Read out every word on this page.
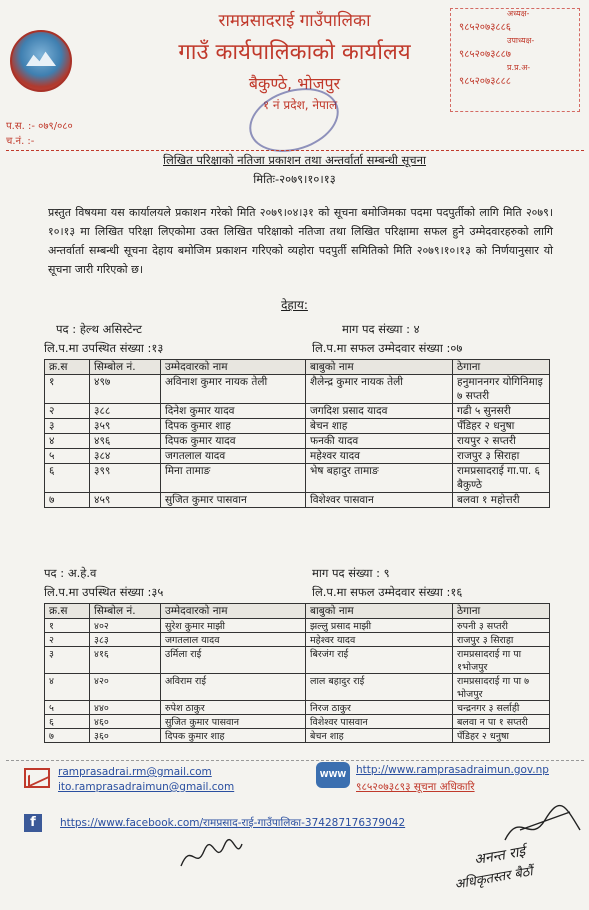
रामप्रसादराई गाउँपालिका
गाउँ कार्यपालिकाको कार्यालय
बैकुण्ठे, भोजपुर
१ नं प्रदेश, नेपाल
अध्यक्ष-
९८५२०७३८८६
उपाध्यक्ष-
९८५२०७३८८७
प्र.प्र.अ-
९८५२०७३८८८
प.स. :- ०७९/०८०
च.नं. :-
लिखित परिक्षाको नतिजा प्रकाशन तथा अन्तर्वार्ता सम्बन्धी सूचना
मितिः-२०७९।१०।१३
प्रस्तुत विषयमा यस कार्यालयले प्रकाशन गरेको मिति २०७९।०४।३१ को सूचना बमोजिमका पदमा पदपुर्तीको लागि मिति २०७९।१०।१३ मा लिखित परिक्षा लिएकोमा उक्त लिखित परिक्षाको नतिजा तथा लिखित परिक्षामा सफल हुने उम्मेदवारहरुको लागि अन्तर्वार्ता सम्बन्धी सूचना देहाय बमोजिम प्रकाशन गरिएको व्यहोरा पदपुर्ती समितिको मिति २०७९।१०।१३ को निर्णयानुसार यो सूचना जारी गरिएको छ।
देहाय:
पद : हेल्थ असिस्टेन्ट	माग पद संख्या : ४
लि.प.मा उपस्थित संख्या :१३	लि.प.मा सफल उम्मेदवार संख्या :०७
क्र.स	सिम्बोल नं.	उम्मेदवारको नाम	बाबुको नाम	ठेगाना
१	४९७	अविनाश कुमार नायक तेली	शैलेन्द्र कुमार नायक तेली	हनुमाननगर योगिनिमाइ ७ सप्तरी
२	३८८	दिनेश कुमार यादव	जगदिश प्रसाद यादव	गढी ५ सुनसरी
३	३५९	दिपक कुमार शाह	बेचन शाह	पँडिहर २ धनुषा
४	४९६	दिपक कुमार यादव	फनकी यादव	रायपुर २ सप्तरी
५	३८४	जगतलाल यादव	महेश्वर यादव	राजपुर ३ सिराहा
६	३९९	मिना तामाङ	भेष बहादुर तामाङ	रामप्रसादराई गा.पा. ६ बैकुण्ठे
७	४५९	सुजित कुमार पासवान	विशेश्वर पासवान	बलवा १ महोत्तरी
पद : अ.हे.व	माग पद संख्या : ९
लि.प.मा उपस्थित संख्या :३५	लि.प.मा सफल उम्मेदवार संख्या :१६
क्र.स	सिम्बोल नं.	उम्मेदवारको नाम	बाबुको नाम	ठेगाना
१	४०२	सुरेश कुमार माझी	झल्लु प्रसाद माझी	रुपनी ३ सप्तरी
२	३८३	जगतलाल यादव	महेश्वर यादव	राजपुर ३ सिराहा
३	४१६	उर्मिला राई	बिरजंग राई	रामप्रसादराई गा पा १भोजपुर
४	४२०	अविराम राई	लाल बहादुर राई	रामप्रसादराई गा पा ७ भोजपुर
५	४४०	रुपेश ठाकुर	निरज ठाकुर	चन्द्रनगर ३ सर्लाही
६	४६०	सुजित कुमार पासवान	विशेश्वर पासवान	बलवा न पा १ सप्तरी
७	३६०	दिपक कुमार शाह	बेचन शाह	पँडिहर २ धनुषा
ramprasadrai.rm@gmail.com
ito.ramprasadraimun@gmail.com
WWW http://www.ramprasadraimun.gov.np
९८५२०७३८९३ सूचना अधिकारि
f	https://www.facebook.com/रामप्रसाद-राई-गाउँपालिका-374287176379042
अनन्त राई
अधिकृतस्तर बैठौं
